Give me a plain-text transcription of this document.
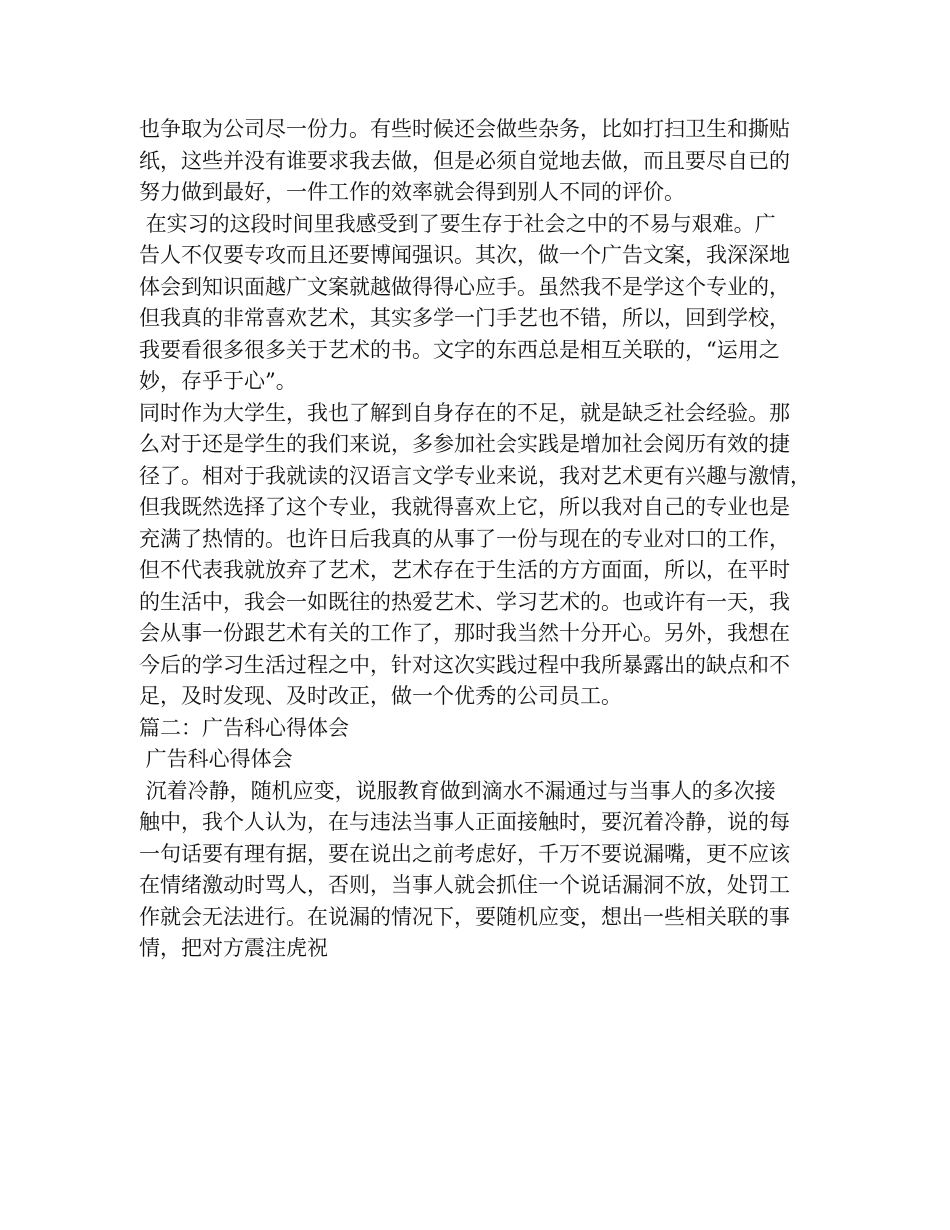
也争取为公司尽一份力。有些时候还会做些杂务，比如打扫卫生和撕贴
纸，这些并没有谁要求我去做，但是必须自觉地去做，而且要尽自已的
努力做到最好，一件工作的效率就会得到别人不同的评价。
在实习的这段时间里我感受到了要生存于社会之中的不易与艰难。广
告人不仅要专攻而且还要博闻强识。其次，做一个广告文案，我深深地
体会到知识面越广文案就越做得得心应手。虽然我不是学这个专业的，
但我真的非常喜欢艺术，其实多学一门手艺也不错，所以，回到学校，
我要看很多很多关于艺术的书。文字的东西总是相互关联的，“运用之
妙，存乎于心”。
同时作为大学生，我也了解到自身存在的不足，就是缺乏社会经验。那
么对于还是学生的我们来说，多参加社会实践是增加社会阅历有效的捷
径了。相对于我就读的汉语言文学专业来说，我对艺术更有兴趣与激情，
但我既然选择了这个专业，我就得喜欢上它，所以我对自己的专业也是
充满了热情的。也许日后我真的从事了一份与现在的专业对口的工作，
但不代表我就放弃了艺术，艺术存在于生活的方方面面，所以，在平时
的生活中，我会一如既往的热爱艺术、学习艺术的。也或许有一天，我
会从事一份跟艺术有关的工作了，那时我当然十分开心。另外，我想在
今后的学习生活过程之中，针对这次实践过程中我所暴露出的缺点和不
足，及时发现、及时改正，做一个优秀的公司员工。
篇二：广告科心得体会
广告科心得体会
沉着冷静，随机应变，说服教育做到滴水不漏通过与当事人的多次接
触中，我个人认为，在与违法当事人正面接触时，要沉着冷静，说的每
一句话要有理有据，要在说出之前考虑好，千万不要说漏嘴，更不应该
在情绪激动时骂人，否则，当事人就会抓住一个说话漏洞不放，处罚工
作就会无法进行。在说漏的情况下，要随机应变，想出一些相关联的事
情，把对方震注虎祝
